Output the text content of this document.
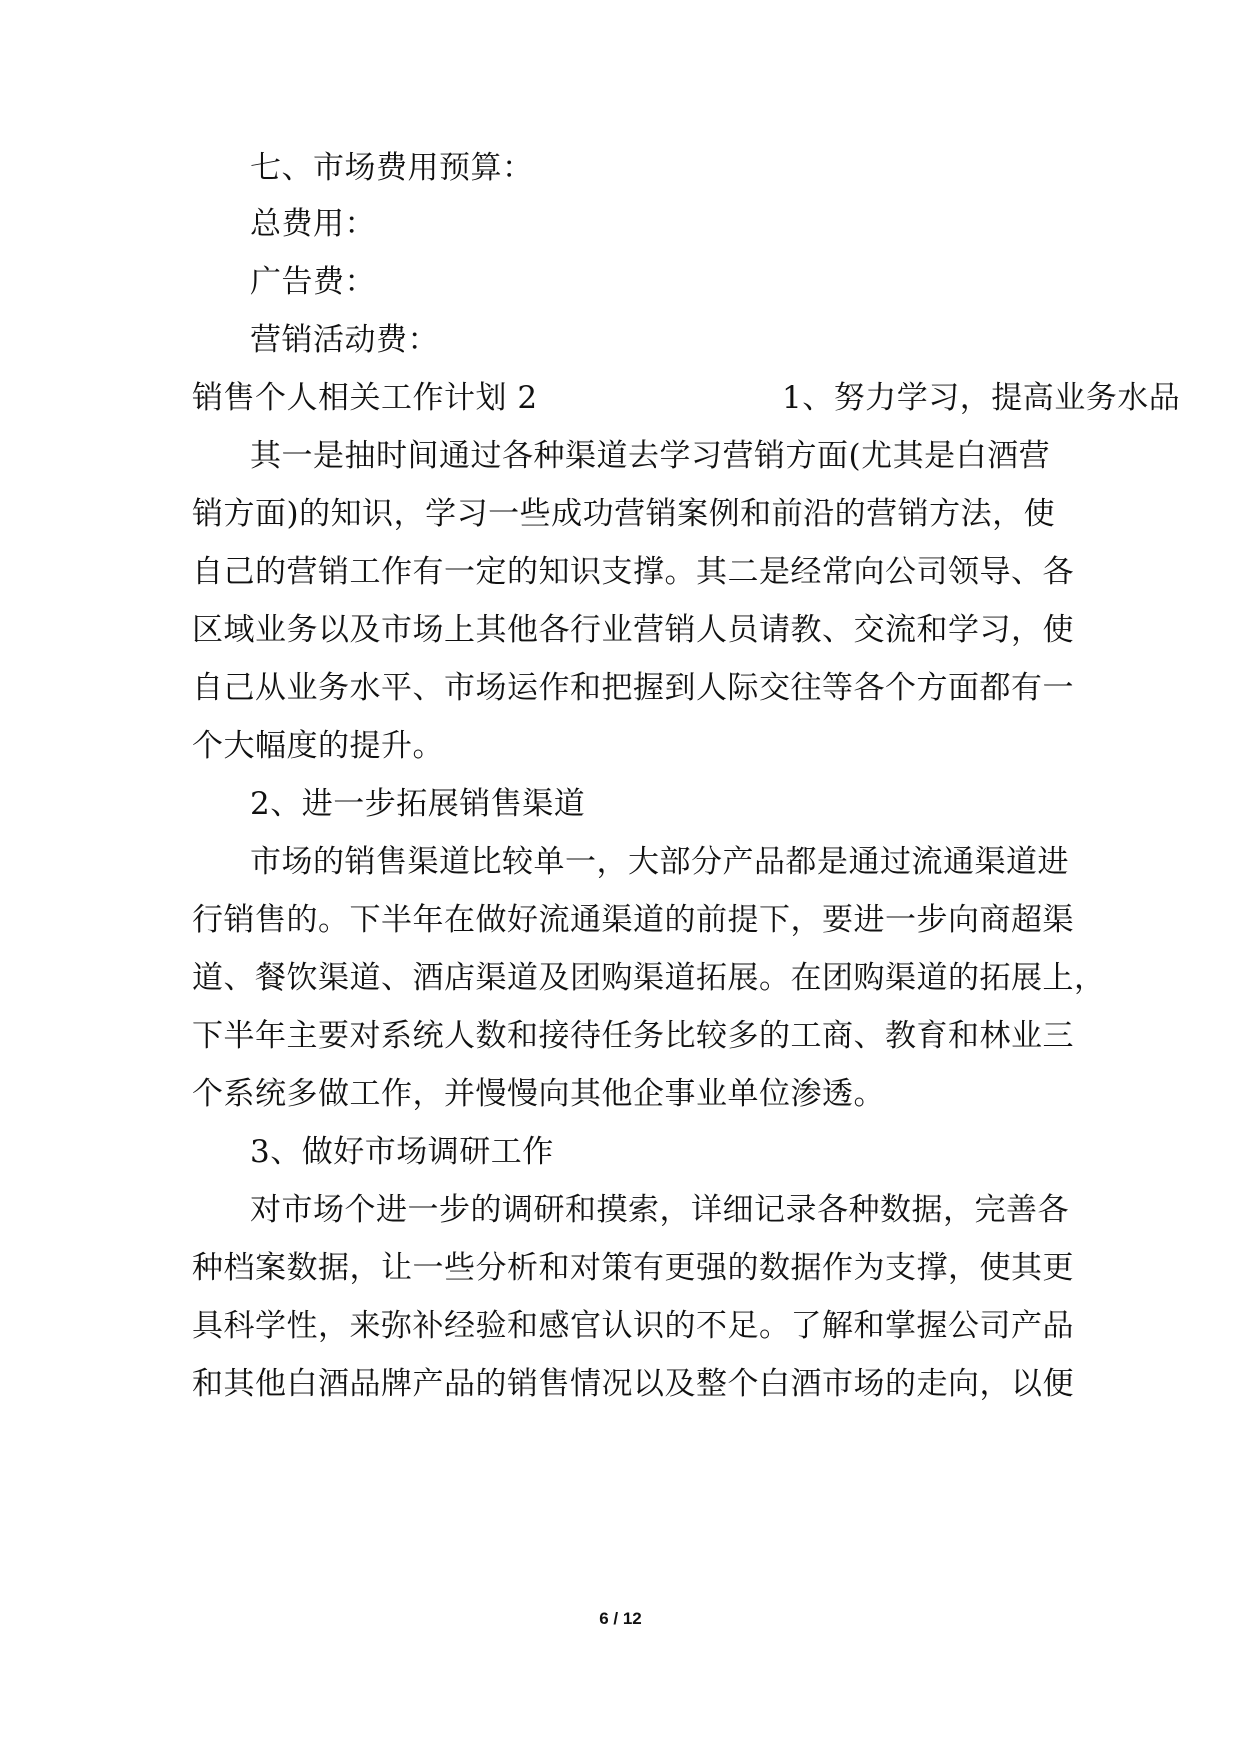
七、市场费用预算：
总费用：
广告费：
营销活动费：
销售个人相关工作计划 2	1、努力学习，提高业务水品
其一是抽时间通过各种渠道去学习营销方面(尤其是白酒营
销方面)的知识，学习一些成功营销案例和前沿的营销方法，使
自己的营销工作有一定的知识支撑。其二是经常向公司领导、各
区域业务以及市场上其他各行业营销人员请教、交流和学习，使
自己从业务水平、市场运作和把握到人际交往等各个方面都有一
个大幅度的提升。
2、进一步拓展销售渠道
市场的销售渠道比较单一，大部分产品都是通过流通渠道进
行销售的。下半年在做好流通渠道的前提下，要进一步向商超渠
道、餐饮渠道、酒店渠道及团购渠道拓展。在团购渠道的拓展上，
下半年主要对系统人数和接待任务比较多的工商、教育和林业三
个系统多做工作，并慢慢向其他企事业单位渗透。
3、做好市场调研工作
对市场个进一步的调研和摸索，详细记录各种数据，完善各
种档案数据，让一些分析和对策有更强的数据作为支撑，使其更
具科学性，来弥补经验和感官认识的不足。了解和掌握公司产品
和其他白酒品牌产品的销售情况以及整个白酒市场的走向，以便
6 / 12
